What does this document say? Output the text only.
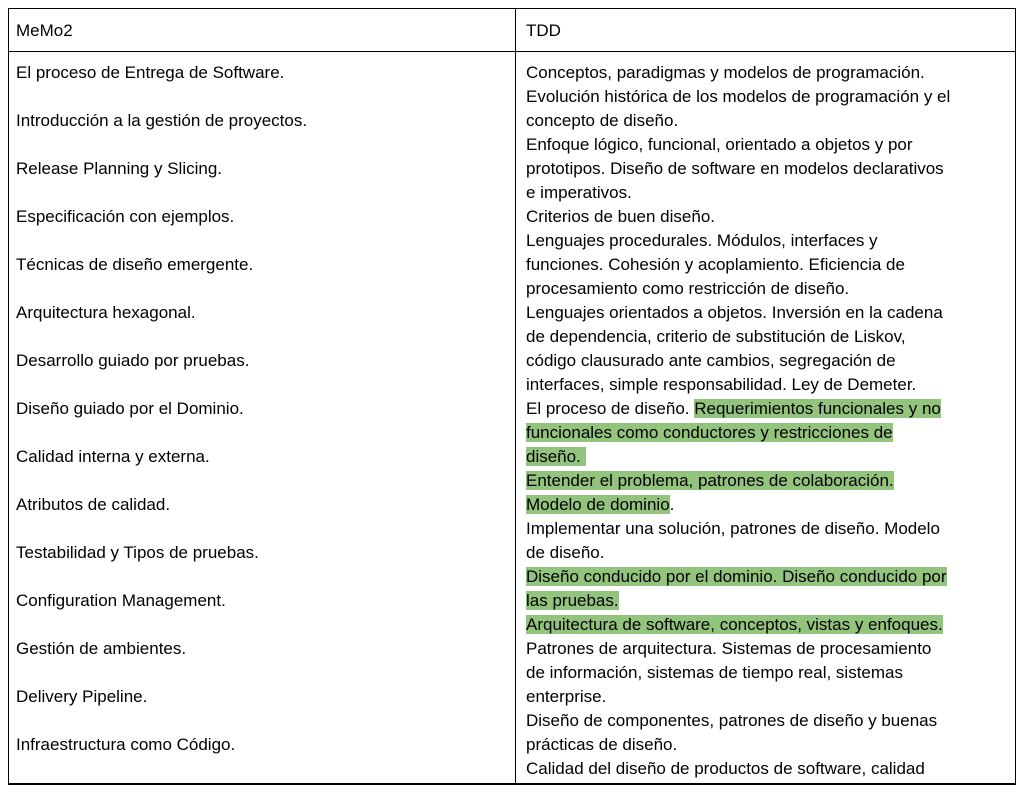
MeMo2	TDD
El proceso de Entrega de Software.
Introducción a la gestión de proyectos.
Release Planning y Slicing.
Especificación con ejemplos.
Técnicas de diseño emergente.
Arquitectura hexagonal.
Desarrollo guiado por pruebas.
Diseño guiado por el Dominio.
Calidad interna y externa.
Atributos de calidad.
Testabilidad y Tipos de pruebas.
Configuration Management.
Gestión de ambientes.
Delivery Pipeline.
Infraestructura como Código.
Conceptos, paradigmas y modelos de programación.
Evolución histórica de los modelos de programación y el
concepto de diseño.
Enfoque lógico, funcional, orientado a objetos y por
prototipos. Diseño de software en modelos declarativos
e imperativos.
Criterios de buen diseño.
Lenguajes procedurales. Módulos, interfaces y
funciones. Cohesión y acoplamiento. Eficiencia de
procesamiento como restricción de diseño.
Lenguajes orientados a objetos. Inversión en la cadena
de dependencia, criterio de substitución de Liskov,
código clausurado ante cambios, segregación de
interfaces, simple responsabilidad. Ley de Demeter.
El proceso de diseño. Requerimientos funcionales y no
funcionales como conductores y restricciones de
diseño.
Entender el problema, patrones de colaboración.
Modelo de dominio.
Implementar una solución, patrones de diseño. Modelo
de diseño.
Diseño conducido por el dominio. Diseño conducido por
las pruebas.
Arquitectura de software, conceptos, vistas y enfoques.
Patrones de arquitectura. Sistemas de procesamiento
de información, sistemas de tiempo real, sistemas
enterprise.
Diseño de componentes, patrones de diseño y buenas
prácticas de diseño.
Calidad del diseño de productos de software, calidad
